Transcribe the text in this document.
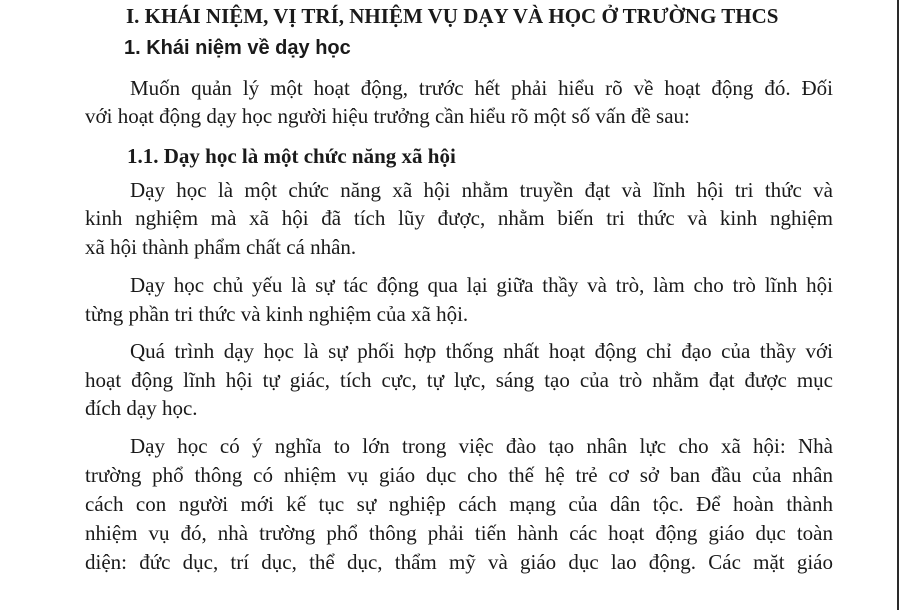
I. KHÁI NIỆM, VỊ TRÍ, NHIỆM VỤ DẠY VÀ HỌC Ở TRƯỜNG THCS
1. Khái niệm về dạy học
Muốn quản lý một hoạt động, trước hết phải hiểu rõ về hoạt động đó. Đối
với hoạt động dạy học người hiệu trưởng cần hiểu rõ một số vấn đề sau:
1.1. Dạy học là một chức năng xã hội
Dạy học là một chức năng xã hội nhằm truyền đạt và lĩnh hội tri thức và
kinh nghiệm mà xã hội đã tích lũy được, nhằm biến tri thức và kinh nghiệm
xã hội thành phẩm chất cá nhân.
Dạy học chủ yếu là sự tác động qua lại giữa thầy và trò, làm cho trò lĩnh hội
từng phần tri thức và kinh nghiệm của xã hội.
Quá trình dạy học là sự phối hợp thống nhất hoạt động chỉ đạo của thầy với
hoạt động lĩnh hội tự giác, tích cực, tự lực, sáng tạo của trò nhằm đạt được mục
đích dạy học.
Dạy học có ý nghĩa to lớn trong việc đào tạo nhân lực cho xã hội: Nhà
trường phổ thông có nhiệm vụ giáo dục cho thế hệ trẻ cơ sở ban đầu của nhân
cách con người mới kế tục sự nghiệp cách mạng của dân tộc. Để hoàn thành
nhiệm vụ đó, nhà trường phổ thông phải tiến hành các hoạt động giáo dục toàn
diện: đức dục, trí dục, thể dục, thẩm mỹ và giáo dục lao động. Các mặt giáo
